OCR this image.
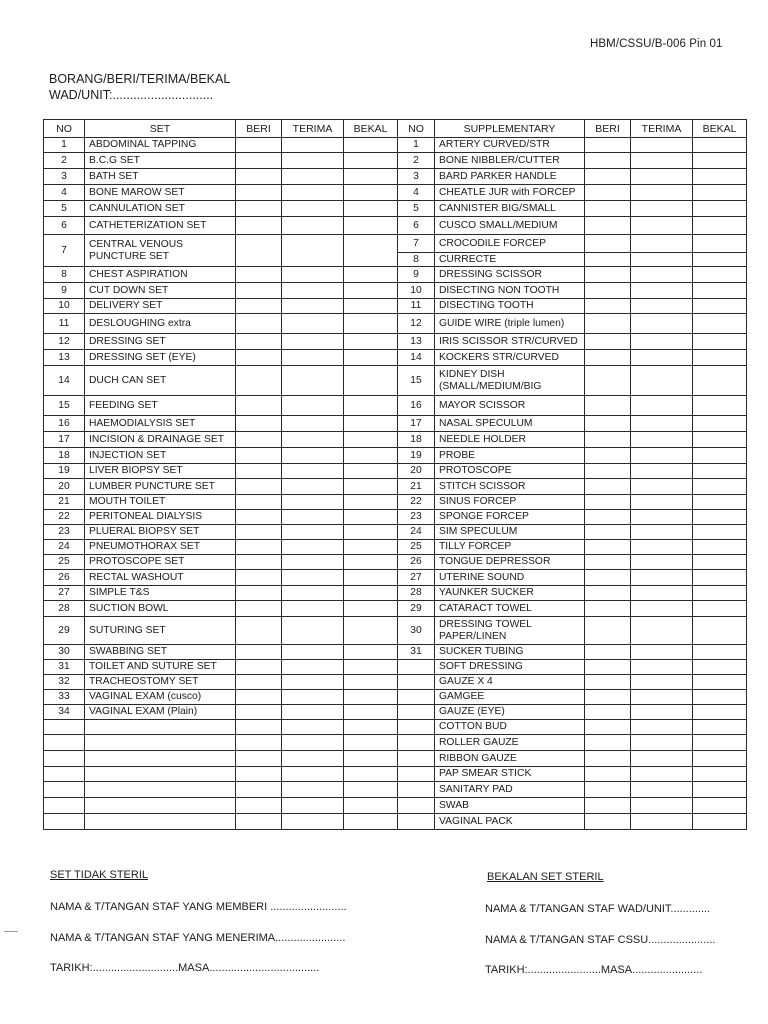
HBM/CSSU/B-006 Pin 01
BORANG/BERI/TERIMA/BEKAL
WAD/UNIT:.............................
NO	SET	BERI	TERIMA	BEKAL	NO	SUPPLEMENTARY	BERI	TERIMA	BEKAL
1	ABDOMINAL TAPPING				1	ARTERY CURVED/STR			
2	B.C.G SET				2	BONE NIBBLER/CUTTER			
3	BATH SET				3	BARD PARKER HANDLE			
4	BONE MAROW SET				4	CHEATLE JUR with FORCEP			
5	CANNULATION SET				5	CANNISTER BIG/SMALL			
6	CATHETERIZATION SET				6	CUSCO SMALL/MEDIUM			
7	CENTRAL VENOUS PUNCTURE SET				7	CROCODILE FORCEP			
					8	CURRECTE			
8	CHEST ASPIRATION				9	DRESSING SCISSOR			
9	CUT DOWN SET				10	DISECTING NON TOOTH			
10	DELIVERY SET				11	DISECTING TOOTH			
11	DESLOUGHING extra				12	GUIDE WIRE (triple lumen)			
12	DRESSING SET				13	IRIS SCISSOR STR/CURVED			
13	DRESSING SET (EYE)				14	KOCKERS STR/CURVED			
14	DUCH CAN SET				15	KIDNEY DISH (SMALL/MEDIUM/BIG			
15	FEEDING SET				16	MAYOR SCISSOR			
16	HAEMODIALYSIS SET				17	NASAL SPECULUM			
17	INCISION & DRAINAGE SET				18	NEEDLE HOLDER			
18	INJECTION SET				19	PROBE			
19	LIVER BIOPSY SET				20	PROTOSCOPE			
20	LUMBER PUNCTURE SET				21	STITCH SCISSOR			
21	MOUTH TOILET				22	SINUS FORCEP			
22	PERITONEAL DIALYSIS				23	SPONGE FORCEP			
23	PLUERAL BIOPSY SET				24	SIM SPECULUM			
24	PNEUMOTHORAX SET				25	TILLY FORCEP			
25	PROTOSCOPE SET				26	TONGUE DEPRESSOR			
26	RECTAL WASHOUT				27	UTERINE SOUND			
27	SIMPLE T&S				28	YAUNKER SUCKER			
28	SUCTION BOWL				29	CATARACT TOWEL			
29	SUTURING SET				30	DRESSING TOWEL PAPER/LINEN			
30	SWABBING SET				31	SUCKER TUBING			
31	TOILET AND SUTURE SET					SOFT DRESSING			
32	TRACHEOSTOMY SET					GAUZE X 4			
33	VAGINAL EXAM (cusco)					GAMGEE			
34	VAGINAL EXAM (Plain)					GAUZE (EYE)			
						COTTON BUD			
						ROLLER GAUZE			
						RIBBON GAUZE			
						PAP SMEAR STICK			
						SANITARY PAD			
						SWAB			
						VAGINAL PACK			
SET TIDAK STERIL	BEKALAN SET STERIL
NAMA & T/TANGAN STAF YANG MEMBERI .........................	NAMA & T/TANGAN STAF WAD/UNIT.............
NAMA & T/TANGAN STAF YANG MENERIMA.......................	NAMA & T/TANGAN STAF CSSU......................
TARIKH:............................MASA....................................	TARIKH:........................MASA.......................
